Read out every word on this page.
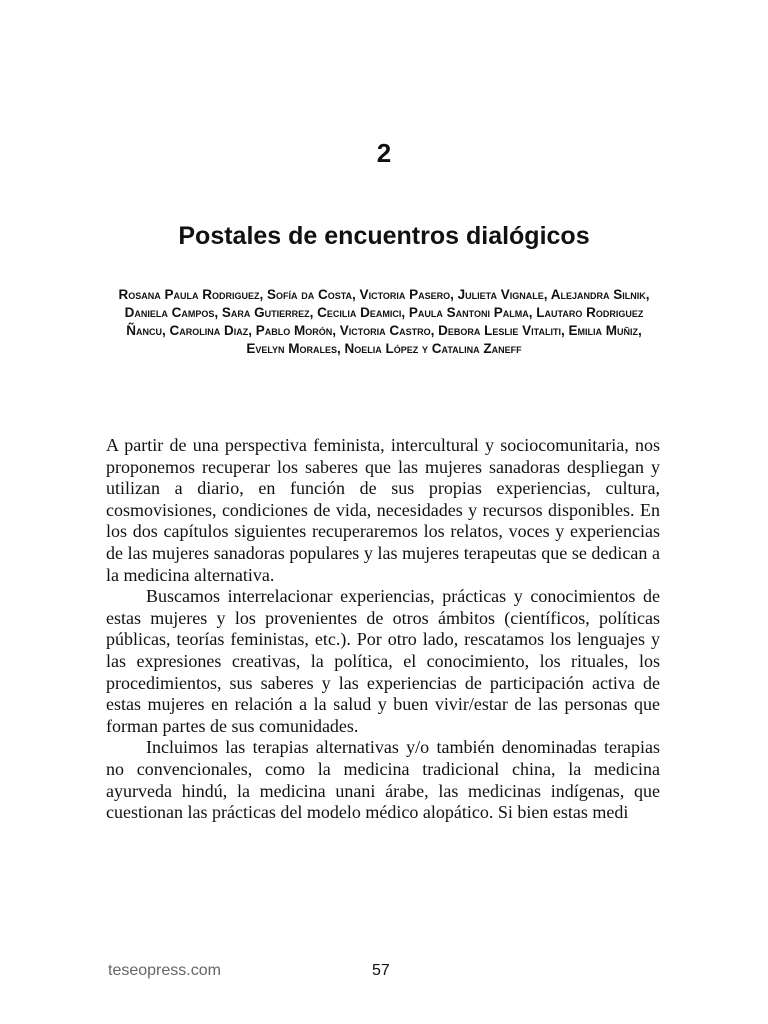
2
Postales de encuentros dialógicos
Rosana Paula Rodriguez, Sofía da Costa, Victoria Pasero, Julieta Vignale, Alejandra Silnik, Daniela Campos, Sara Gutierrez, Cecilia Deamici, Paula Santoni Palma, Lautaro Rodriguez Ñancu, Carolina Diaz, Pablo Morón, Victoria Castro, Debora Leslie Vitaliti, Emilia Muñiz, Evelyn Morales, Noelia López y Catalina Zaneff

A partir de una perspectiva feminista, intercultural y sociocomunitaria, nos proponemos recuperar los saberes que las mujeres sanadoras despliegan y utilizan a diario, en función de sus propias experiencias, cultura, cosmovisiones, condiciones de vida, necesidades y recursos disponibles. En los dos capítulos siguientes recuperaremos los relatos, voces y experiencias de las mujeres sanadoras populares y las mujeres terapeutas que se dedican a la medicina alternativa.

Buscamos interrelacionar experiencias, prácticas y conocimientos de estas mujeres y los provenientes de otros ámbitos (científicos, políticas públicas, teorías feministas, etc.). Por otro lado, rescatamos los lenguajes y las expresiones creativas, la política, el conocimiento, los rituales, los procedimientos, sus saberes y las experiencias de participación activa de estas mujeres en relación a la salud y buen vivir/estar de las personas que forman partes de sus comunidades.

Incluimos las terapias alternativas y/o también denominadas terapias no convencionales, como la medicina tradicional china, la medicina ayurveda hindú, la medicina unani árabe, las medicinas indígenas, que cuestionan las prácticas del modelo médico alopático. Si bien estas medi

teseopress.com	57
